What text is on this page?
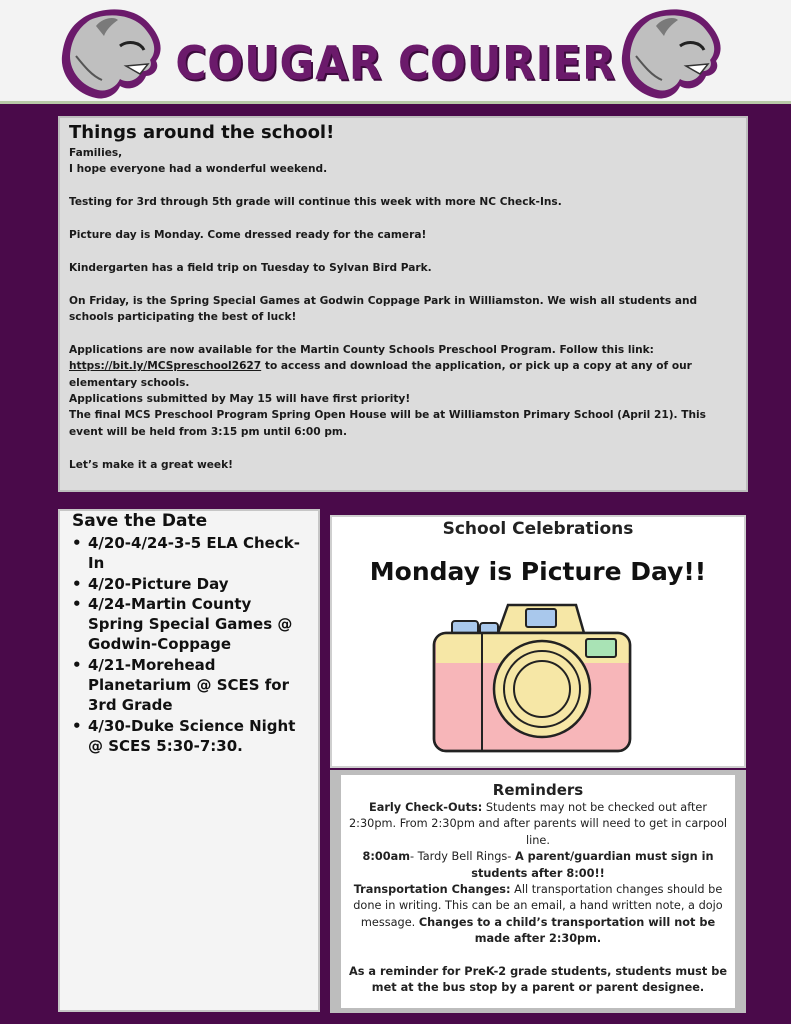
COUGAR COURIER
Things around the school!

Families,

I hope everyone had a wonderful weekend.

Testing for 3rd through 5th grade will continue this week with more NC Check-Ins.

Picture day is Monday. Come dressed ready for the camera!

Kindergarten has a field trip on Tuesday to Sylvan Bird Park.

On Friday, is the Spring Special Games at Godwin Coppage Park in Williamston. We wish all students and schools participating the best of luck!

Applications are now available for the Martin County Schools Preschool Program. Follow this link:
https://bit.ly/MCSpreschool2627 to access and download the application, or pick up a copy at any of our elementary schools.

Applications submitted by May 15 will have first priority!

The final MCS Preschool Program Spring Open House will be at Williamston Primary School (April 21). This event will be held from 3:15 pm until 6:00 pm.

Let’s make it a great week!

Save the Date
• 4/20-4/24-3-5 ELA Check-In
• 4/20-Picture Day
• 4/24-Martin County Spring Special Games @ Godwin-Coppage
• 4/21-Morehead Planetarium @ SCES for 3rd Grade
• 4/30-Duke Science Night @ SCES 5:30-7:30.
School Celebrations
Monday is Picture Day!!
Reminders

Early Check-Outs: Students may not be checked out after 2:30pm. From 2:30pm and after parents will need to get in carpool line.

8:00am- Tardy Bell Rings- A parent/guardian must sign in students after 8:00!!

Transportation Changes: All transportation changes should be done in writing. This can be an email, a hand written note, a dojo message. Changes to a child’s transportation will not be made after 2:30pm.

As a reminder for PreK-2 grade students, students must be met at the bus stop by a parent or parent designee.
